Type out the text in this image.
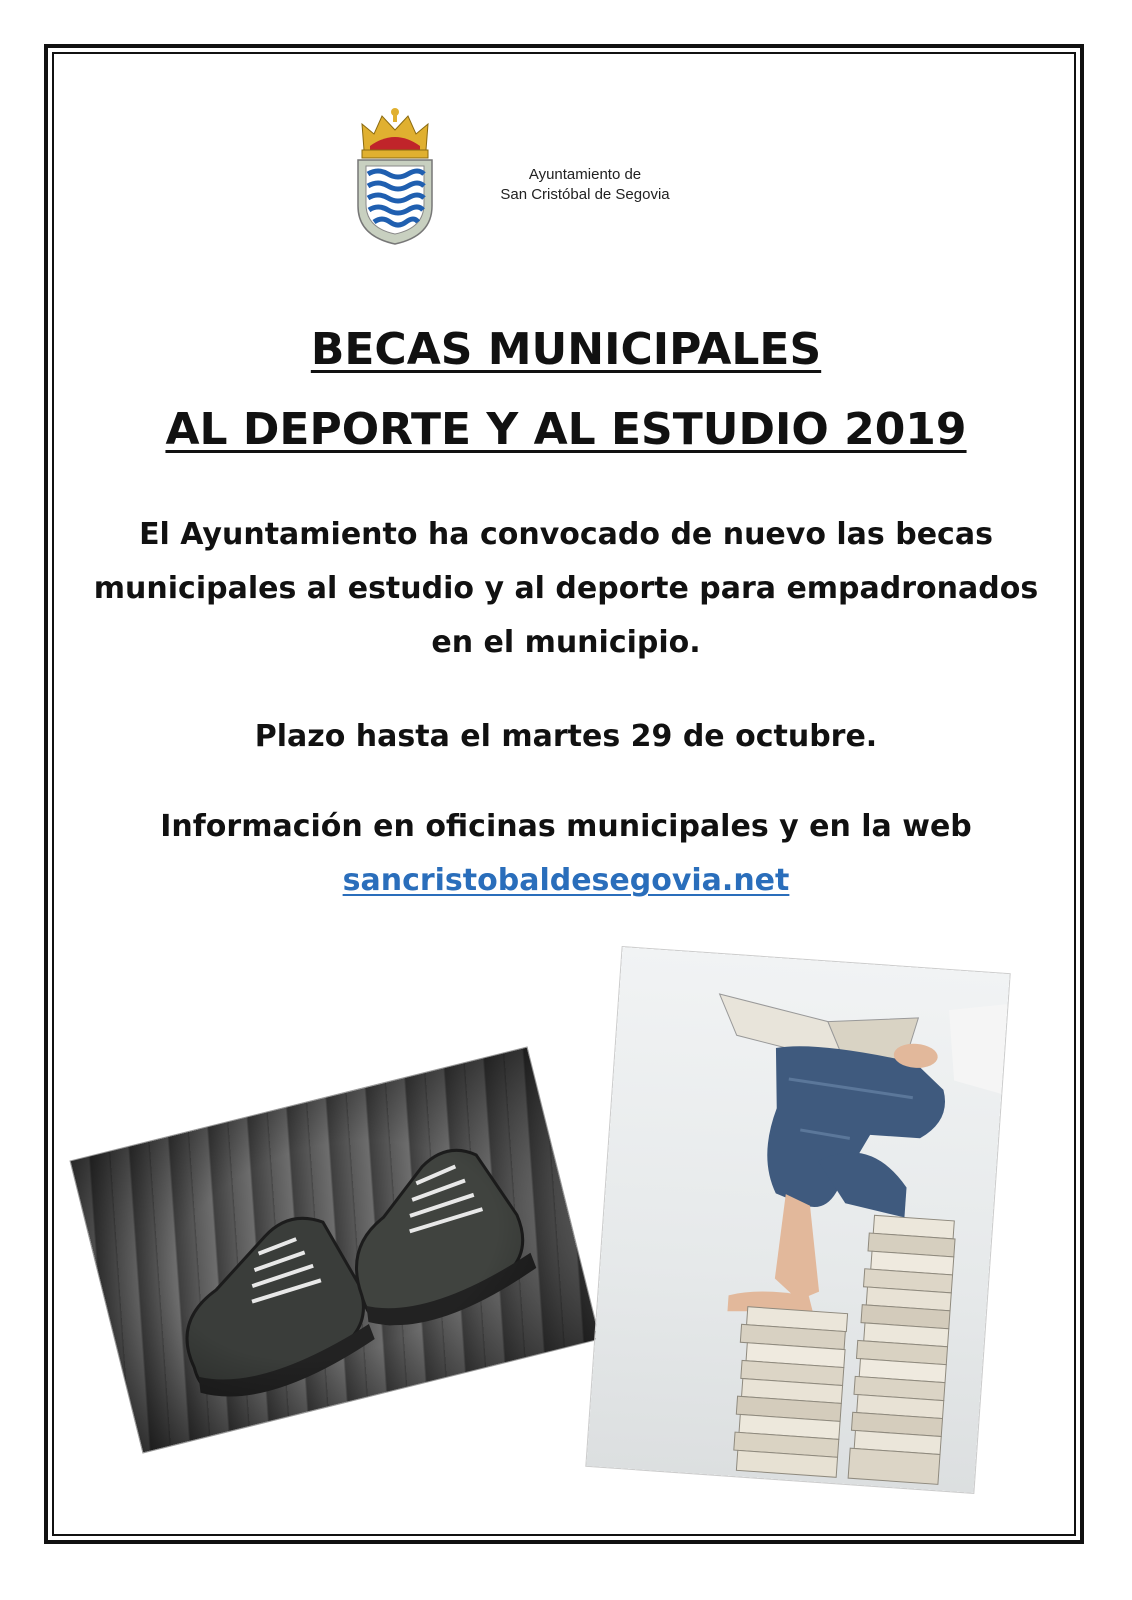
Ayuntamiento de
San Cristóbal de Segovia
BECAS MUNICIPALES
AL DEPORTE Y AL ESTUDIO 2019
El Ayuntamiento ha convocado de nuevo las becas municipales al estudio y al deporte para empadronados en el municipio.
Plazo hasta el martes 29 de octubre.
Información en oficinas municipales y en la web
sancristobaldesegovia.net
